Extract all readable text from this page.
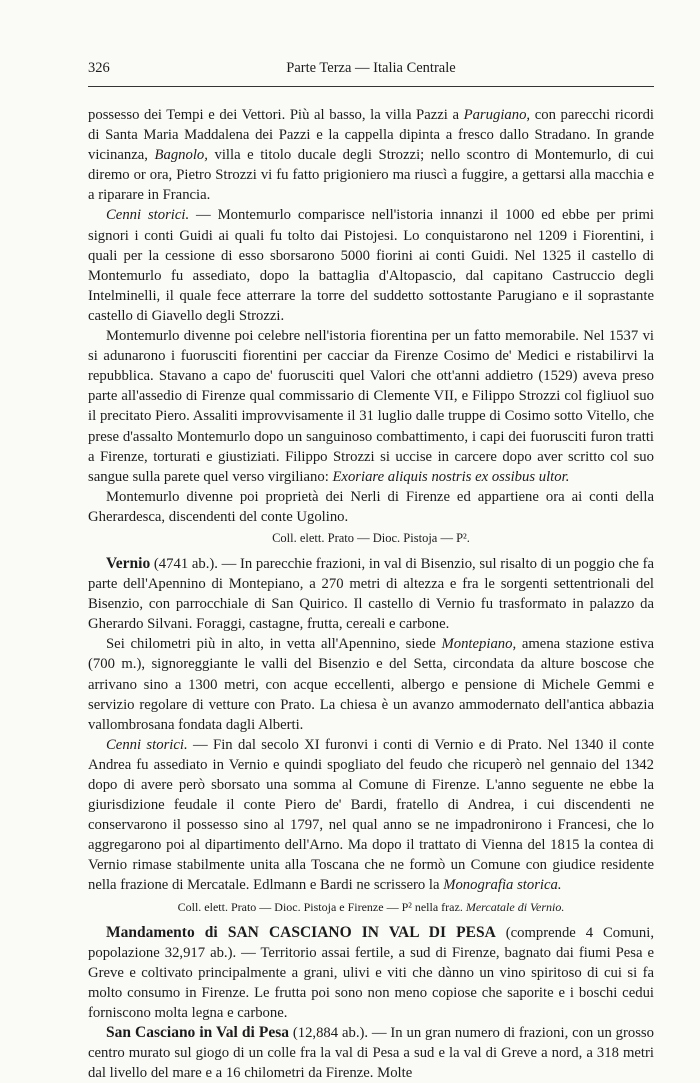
326	Parte Terza — Italia Centrale

possesso dei Tempi e dei Vettori. Più al basso, la villa Pazzi a Parugiano, con parecchi ricordi di Santa Maria Maddalena dei Pazzi e la cappella dipinta a fresco dallo Stradano. In grande vicinanza, Bagnolo, villa e titolo ducale degli Strozzi; nello scontro di Montemurlo, di cui diremo or ora, Pietro Strozzi vi fu fatto prigioniero ma riuscì a fuggire, a gettarsi alla macchia e a riparare in Francia.

Cenni storici. — Montemurlo comparisce nell'istoria innanzi il 1000 ed ebbe per primi signori i conti Guidi ai quali fu tolto dai Pistojesi. Lo conquistarono nel 1209 i Fiorentini, i quali per la cessione di esso sborsarono 5000 fiorini ai conti Guidi. Nel 1325 il castello di Montemurlo fu assediato, dopo la battaglia d'Altopascio, dal capitano Castruccio degli Intelminelli, il quale fece atterrare la torre del suddetto sottostante Parugiano e il soprastante castello di Giavello degli Strozzi.

Montemurlo divenne poi celebre nell'istoria fiorentina per un fatto memorabile. Nel 1537 vi si adunarono i fuorusciti fiorentini per cacciar da Firenze Cosimo de' Medici e ristabilirvi la repubblica. Stavano a capo de' fuorusciti quel Valori che ott'anni addietro (1529) aveva preso parte all'assedio di Firenze qual commissario di Clemente VII, e Filippo Strozzi col figliuol suo il precitato Piero. Assaliti improvvisamente il 31 luglio dalle truppe di Cosimo sotto Vitello, che prese d'assalto Montemurlo dopo un sanguinoso combattimento, i capi dei fuorusciti furon tratti a Firenze, torturati e giustiziati. Filippo Strozzi si uccise in carcere dopo aver scritto col suo sangue sulla parete quel verso virgiliano: Exoriare aliquis nostris ex ossibus ultor.

Montemurlo divenne poi proprietà dei Nerli di Firenze ed appartiene ora ai conti della Gherardesca, discendenti del conte Ugolino.

Coll. elett. Prato — Dioc. Pistoja — P².

Vernio (4741 ab.). — In parecchie frazioni, in val di Bisenzio, sul risalto di un poggio che fa parte dell'Apennino di Montepiano, a 270 metri di altezza e fra le sorgenti settentrionali del Bisenzio, con parrocchiale di San Quirico. Il castello di Vernio fu trasformato in palazzo da Gherardo Silvani. Foraggi, castagne, frutta, cereali e carbone.

Sei chilometri più in alto, in vetta all'Apennino, siede Montepiano, amena stazione estiva (700 m.), signoreggiante le valli del Bisenzio e del Setta, circondata da alture boscose che arrivano sino a 1300 metri, con acque eccellenti, albergo e pensione di Michele Gemmi e servizio regolare di vetture con Prato. La chiesa è un avanzo ammodernato dell'antica abbazia vallombrosana fondata dagli Alberti.

Cenni storici. — Fin dal secolo XI furonvi i conti di Vernio e di Prato. Nel 1340 il conte Andrea fu assediato in Vernio e quindi spogliato del feudo che ricuperò nel gennaio del 1342 dopo di avere però sborsato una somma al Comune di Firenze. L'anno seguente ne ebbe la giurisdizione feudale il conte Piero de' Bardi, fratello di Andrea, i cui discendenti ne conservarono il possesso sino al 1797, nel qual anno se ne impadronirono i Francesi, che lo aggregarono poi al dipartimento dell'Arno. Ma dopo il trattato di Vienna del 1815 la contea di Vernio rimase stabilmente unita alla Toscana che ne formò un Comune con giudice residente nella frazione di Mercatale. Edlmann e Bardi ne scrissero la Monografia storica.

Coll. elett. Prato — Dioc. Pistoja e Firenze — P² nella fraz. Mercatale di Vernio.

Mandamento di SAN CASCIANO IN VAL DI PESA (comprende 4 Comuni, popolazione 32,917 ab.). — Territorio assai fertile, a sud di Firenze, bagnato dai fiumi Pesa e Greve e coltivato principalmente a grani, ulivi e viti che dànno un vino spiritoso di cui si fa molto consumo in Firenze. Le frutta poi sono non meno copiose che saporite e i boschi cedui forniscono molta legna e carbone.

San Casciano in Val di Pesa (12,884 ab.). — In un gran numero di frazioni, con un grosso centro murato sul giogo di un colle fra la val di Pesa a sud e la val di Greve a nord, a 318 metri dal livello del mare e a 16 chilometri da Firenze. Molte
